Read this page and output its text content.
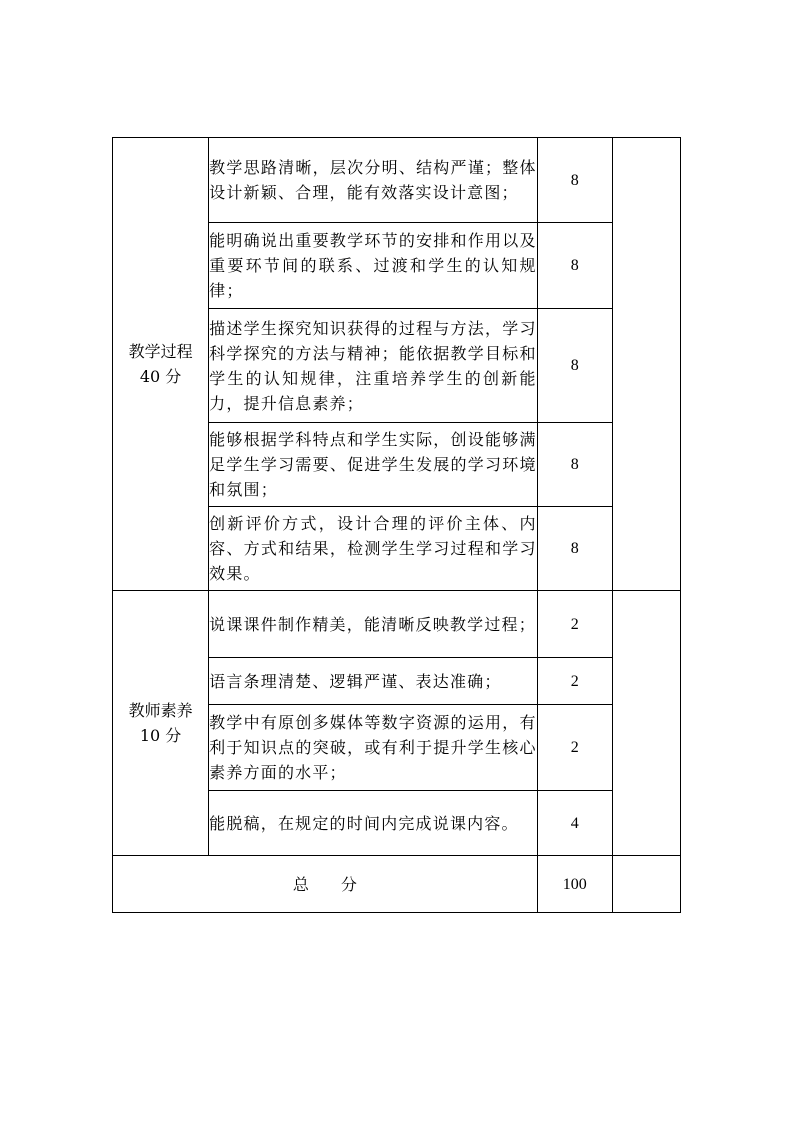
教学过程
40 分	教学思路清晰，层次分明、结构严谨；整体设计新颖、合理，能有效落实设计意图；	8	
	能明确说出重要教学环节的安排和作用以及重要环节间的联系、过渡和学生的认知规律；	8	
	描述学生探究知识获得的过程与方法，学习科学探究的方法与精神；能依据教学目标和学生的认知规律，注重培养学生的创新能力，提升信息素养；	8	
	能够根据学科特点和学生实际，创设能够满足学生学习需要、促进学生发展的学习环境和氛围；	8	
	创新评价方式，设计合理的评价主体、内容、方式和结果，检测学生学习过程和学习效果。	8	

教师素养
10 分	说课课件制作精美，能清晰反映教学过程；	2	
	语言条理清楚、逻辑严谨、表达准确；	2	
	教学中有原创多媒体等数字资源的运用，有利于知识点的突破，或有利于提升学生核心素养方面的水平；	2	
	能脱稿，在规定的时间内完成说课内容。	4	
总　　分		100	
